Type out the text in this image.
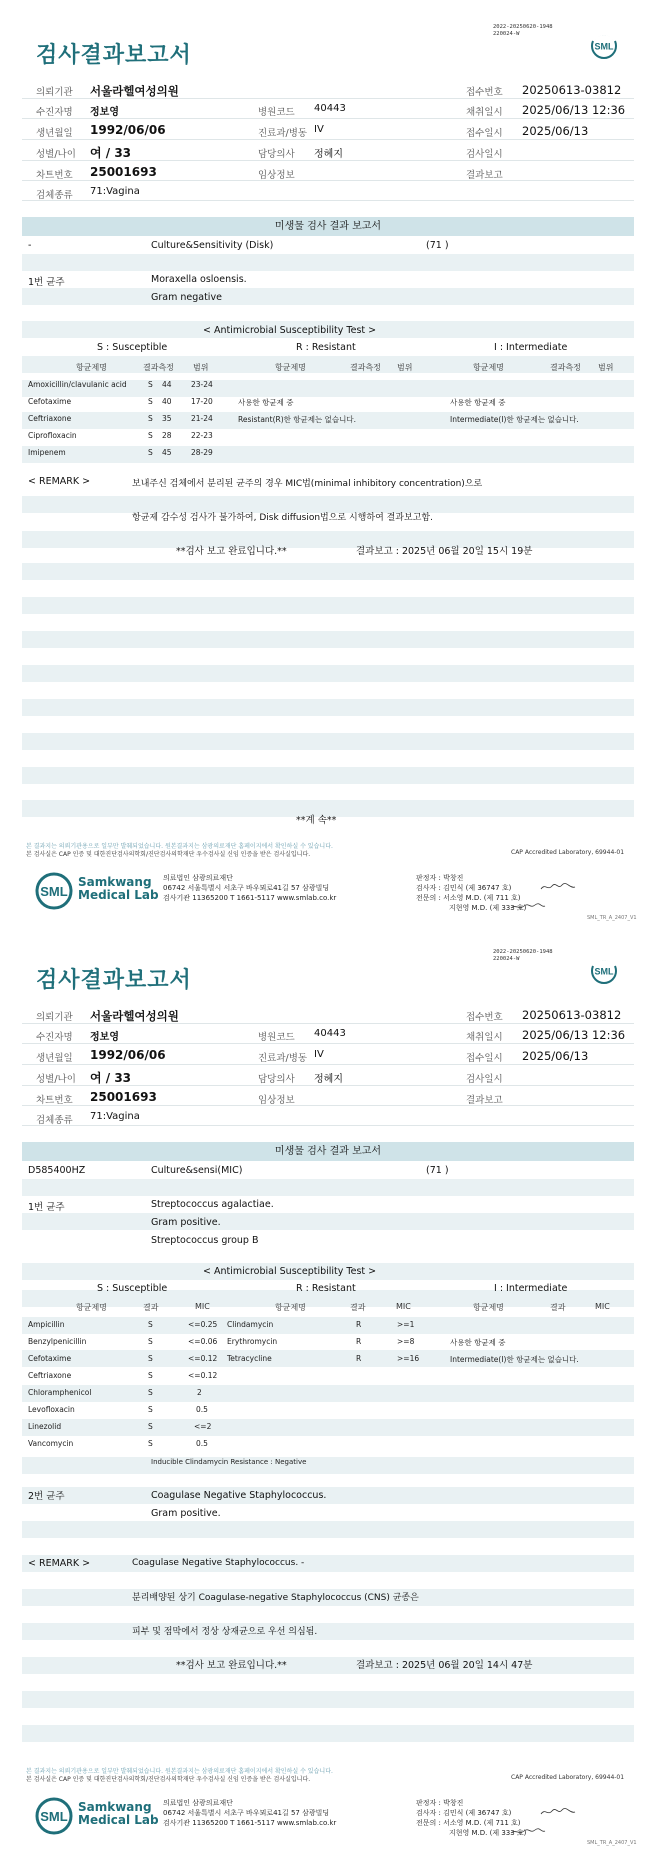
2022-20250620-1948
220024-W
검사결과보고서	SML
의뢰기관 서울라헬여성의원	접수번호 20250613-03812
수진자명 정보영	병원코드 40443	채취일시 2025/06/13 12:36
생년월일 1992/06/06	진료과/병동 IV	접수일시 2025/06/13
성별/나이 여 / 33	담당의사 정혜지	검사일시
차트번호 25001693	임상정보	결과보고
검체종류 71:Vagina
미생물 검사 결과 보고서
-	Culture&Sensitivity (Disk)	(71 )
1번 균주	Moraxella osloensis.
Gram negative
< Antimicrobial Susceptibility Test >
S : Susceptible	R : Resistant	I : Intermediate
항균제명	결과측정 범위	항균제명	결과측정 범위	항균제명	결과측정 범위
Amoxicillin/clavulanic acid	S 44	23-24
Cefotaxime	S 40	17-20
Ceftriaxone	S 35	21-24
Ciprofloxacin	S 28	22-23
Imipenem	S 45	28-29
사용한 항균제 중
Resistant(R)한 항균제는 없습니다.
사용한 항균제 중
Intermediate(I)한 항균제는 없습니다.
< REMARK >	보내주신 검체에서 분리된 균주의 경우 MIC법(minimal inhibitory concentration)으로
항균제 감수성 검사가 불가하여, Disk diffusion법으로 시행하여 결과보고함.
**검사 보고 완료입니다.**	결과보고 : 2025년 06월 20일 15시 19분
**계 속**
본 결과지는 의뢰기관용으로 일부만 발췌되었습니다. 원본결과지는 삼광의료재단 홈페이지에서 확인하실 수 있습니다.
본 검사실은 CAP 인증 및 대한진단검사의학회/진단검사의학재단 우수검사실 신임 인증을 받은 검사실입니다.	CAP Accredited Laboratory, 69944-01
SML
Samkwang
Medical Lab
의료법인 삼광의료재단
06742 서울특별시 서초구 바우뫼로41길 57 삼광빌딩
검사기관 11365200 T 1661-5117 www.smlab.co.kr
판정자 : 박창진
검사자 : 김민식 (제 36747 호)
전문의 : 서소영 M.D. (제 711 호)
지현영 M.D. (제 333 호)
SML_TR_A_2407_V1
2022-20250620-1948
220024-W
검사결과보고서	SML
의뢰기관 서울라헬여성의원	접수번호 20250613-03812
수진자명 정보영	병원코드 40443	채취일시 2025/06/13 12:36
생년월일 1992/06/06	진료과/병동 IV	접수일시 2025/06/13
성별/나이 여 / 33	담당의사 정혜지	검사일시
차트번호 25001693	임상정보	결과보고
검체종류 71:Vagina
미생물 검사 결과 보고서
D585400HZ	Culture&sensi(MIC)	(71 )
1번 균주	Streptococcus agalactiae.
Gram positive.
Streptococcus group B
< Antimicrobial Susceptibility Test >
S : Susceptible	R : Resistant	I : Intermediate
항균제명	결과	MIC	항균제명	결과	MIC	항균제명	결과	MIC
Ampicillin	S	<=0.25
Benzylpenicillin	S	<=0.06
Cefotaxime	S	<=0.12
Ceftriaxone	S	<=0.12
Chloramphenicol	S	2
Levofloxacin	S	0.5
Linezolid	S	<=2
Vancomycin	S	0.5
Clindamycin	R	>=1
Erythromycin	R	>=8
Tetracycline	R	>=16
사용한 항균제 중
Intermediate(I)한 항균제는 없습니다.
Inducible Clindamycin Resistance : Negative
2번 균주	Coagulase Negative Staphylococcus.
Gram positive.
< REMARK >	Coagulase Negative Staphylococcus. -
분리배양된 상기 Coagulase-negative Staphylococcus (CNS) 균종은
피부 및 점막에서 정상 상재균으로 우선 의심됨.
**검사 보고 완료입니다.**	결과보고 : 2025년 06월 20일 14시 47분
본 결과지는 의뢰기관용으로 일부만 발췌되었습니다. 원본결과지는 삼광의료재단 홈페이지에서 확인하실 수 있습니다.
본 검사실은 CAP 인증 및 대한진단검사의학회/진단검사의학재단 우수검사실 신임 인증을 받은 검사실입니다.	CAP Accredited Laboratory, 69944-01
SML
Samkwang
Medical Lab
의료법인 삼광의료재단
06742 서울특별시 서초구 바우뫼로41길 57 삼광빌딩
검사기관 11365200 T 1661-5117 www.smlab.co.kr
판정자 : 박창진
검사자 : 김민식 (제 36747 호)
전문의 : 서소영 M.D. (제 711 호)
지현영 M.D. (제 333 호)
SML_TR_A_2407_V1
